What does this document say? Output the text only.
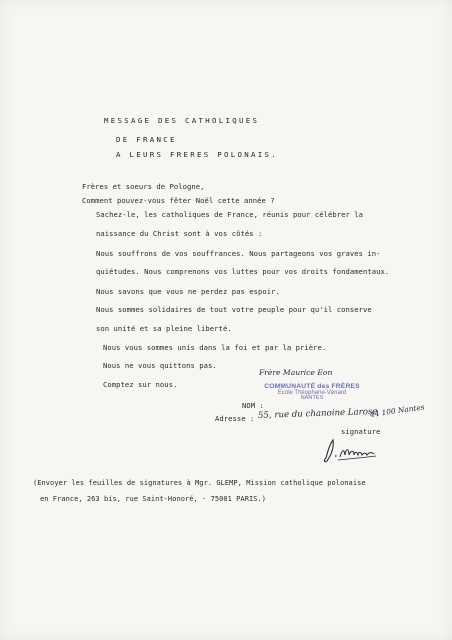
MESSAGE DES CATHOLIQUES
DE FRANCE
A LEURS FRERES POLONAIS.
Frères et soeurs de Pologne,
Comment pouvez-vous fêter Noël cette année ?
Sachez-le, les catholiques de France, réunis pour célébrer la
naissance du Christ sont à vos côtés :
Nous souffrons de vos souffrances. Nous partageons vos graves in-
quiétudes. Nous comprenons vos luttes pour vos droits fondamentaux.
Nous savons que vous ne perdez pas espoir.
Nous sommes solidaires de tout votre peuple pour qu'il conserve
son unité et sa pleine liberté.
Nous vous sommes unis dans la foi et par la prière.
Nous ne vous quittons pas.
Comptez sur nous.
Frère Maurice Eon
COMMUNAUTÉ des FRÈRES
Ecole Théophane-Vénard
NANTES
NOM :
Adresse : 55, rue du chanoine Larose
44 100 Nantes
signature
(Envoyer les feuilles de signatures à Mgr. GLEMP, Mission catholique polonaise
en France, 263 bis, rue Saint-Honoré, - 75001 PARIS.)
